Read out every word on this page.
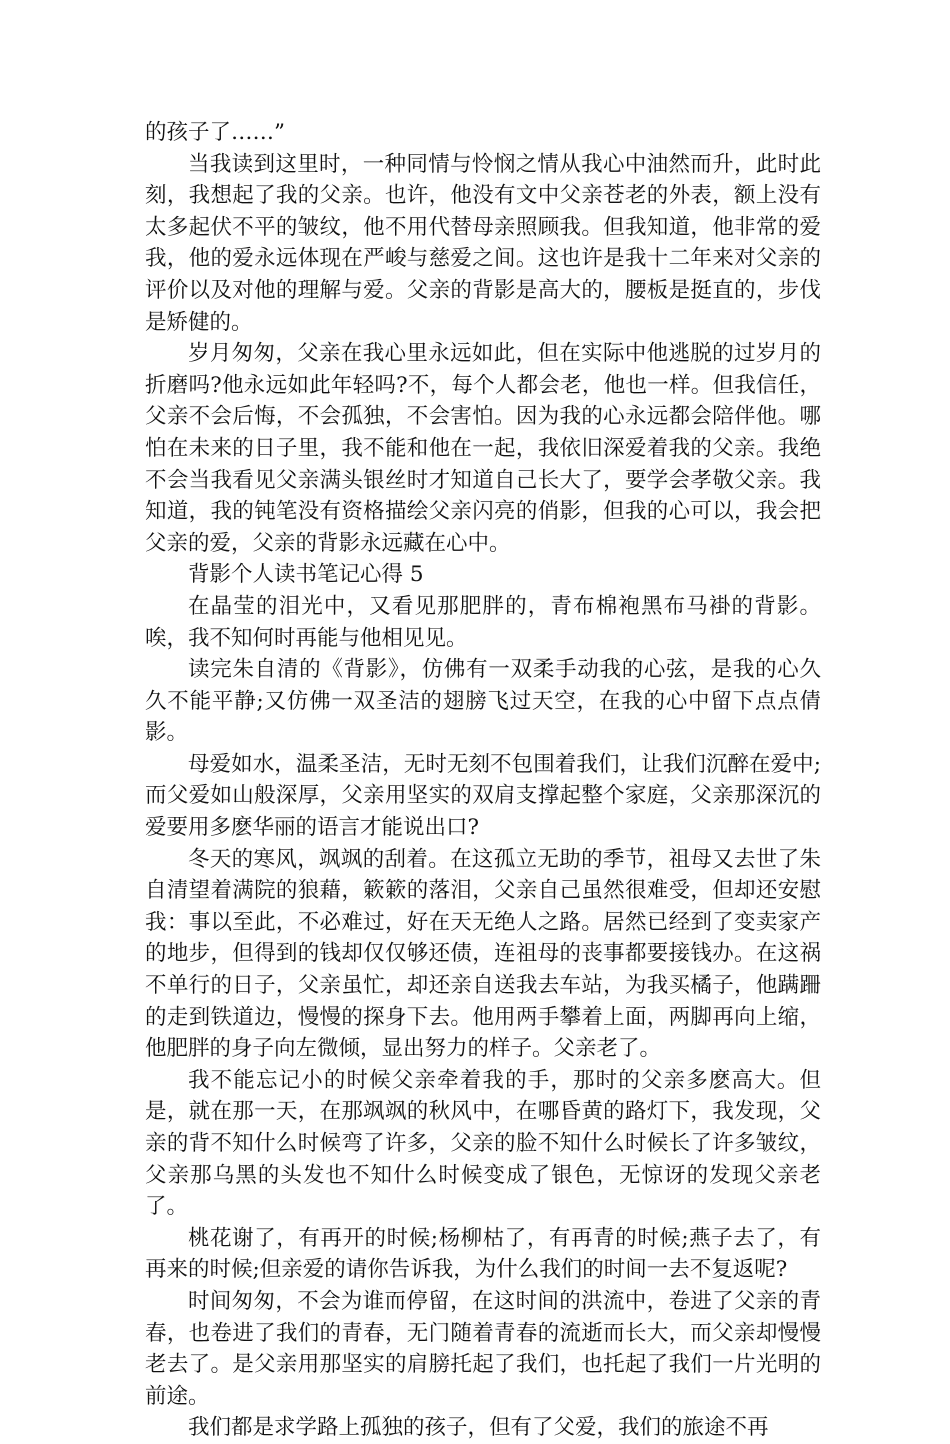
的孩子了……”

当我读到这里时，一种同情与怜悯之情从我心中油然而升，此时此刻，我想起了我的父亲。也许，他没有文中父亲苍老的外表，额上没有太多起伏不平的皱纹，他不用代替母亲照顾我。但我知道，他非常的爱我，他的爱永远体现在严峻与慈爱之间。这也许是我十二年来对父亲的评价以及对他的理解与爱。父亲的背影是高大的，腰板是挺直的，步伐是矫健的。

岁月匆匆，父亲在我心里永远如此，但在实际中他逃脱的过岁月的折磨吗?他永远如此年轻吗?不，每个人都会老，他也一样。但我信任，父亲不会后悔，不会孤独，不会害怕。因为我的心永远都会陪伴他。哪怕在未来的日子里，我不能和他在一起，我依旧深爱着我的父亲。我绝不会当我看见父亲满头银丝时才知道自己长大了，要学会孝敬父亲。我知道，我的钝笔没有资格描绘父亲闪亮的俏影，但我的心可以，我会把父亲的爱，父亲的背影永远藏在心中。

背影个人读书笔记心得 5

在晶莹的泪光中，又看见那肥胖的，青布棉袍黑布马褂的背影。唉，我不知何时再能与他相见见。

读完朱自清的《背影》，仿佛有一双柔手动我的心弦，是我的心久久不能平静;又仿佛一双圣洁的翅膀飞过天空，在我的心中留下点点倩影。

母爱如水，温柔圣洁，无时无刻不包围着我们，让我们沉醉在爱中;而父爱如山般深厚，父亲用坚实的双肩支撑起整个家庭，父亲那深沉的爱要用多麽华丽的语言才能说出口?

冬天的寒风，飒飒的刮着。在这孤立无助的季节，祖母又去世了朱自清望着满院的狼藉，簌簌的落泪，父亲自己虽然很难受，但却还安慰我：事以至此，不必难过，好在天无绝人之路。居然已经到了变卖家产的地步，但得到的钱却仅仅够还债，连祖母的丧事都要接钱办。在这祸不单行的日子，父亲虽忙，却还亲自送我去车站，为我买橘子，他蹒跚的走到铁道边，慢慢的探身下去。他用两手攀着上面，两脚再向上缩，他肥胖的身子向左微倾，显出努力的样子。父亲老了。

我不能忘记小的时候父亲牵着我的手，那时的父亲多麽高大。但是，就在那一天，在那飒飒的秋风中，在哪昏黄的路灯下，我发现，父亲的背不知什么时候弯了许多，父亲的脸不知什么时候长了许多皱纹，父亲那乌黑的头发也不知什么时候变成了银色，无惊讶的发现父亲老了。

桃花谢了，有再开的时候;杨柳枯了，有再青的时候;燕子去了，有再来的时候;但亲爱的请你告诉我，为什么我们的时间一去不复返呢?

时间匆匆，不会为谁而停留，在这时间的洪流中，卷进了父亲的青春，也卷进了我们的青春，无门随着青春的流逝而长大，而父亲却慢慢老去了。是父亲用那坚实的肩膀托起了我们，也托起了我们一片光明的前途。

我们都是求学路上孤独的孩子，但有了父爱，我们的旅途不再
